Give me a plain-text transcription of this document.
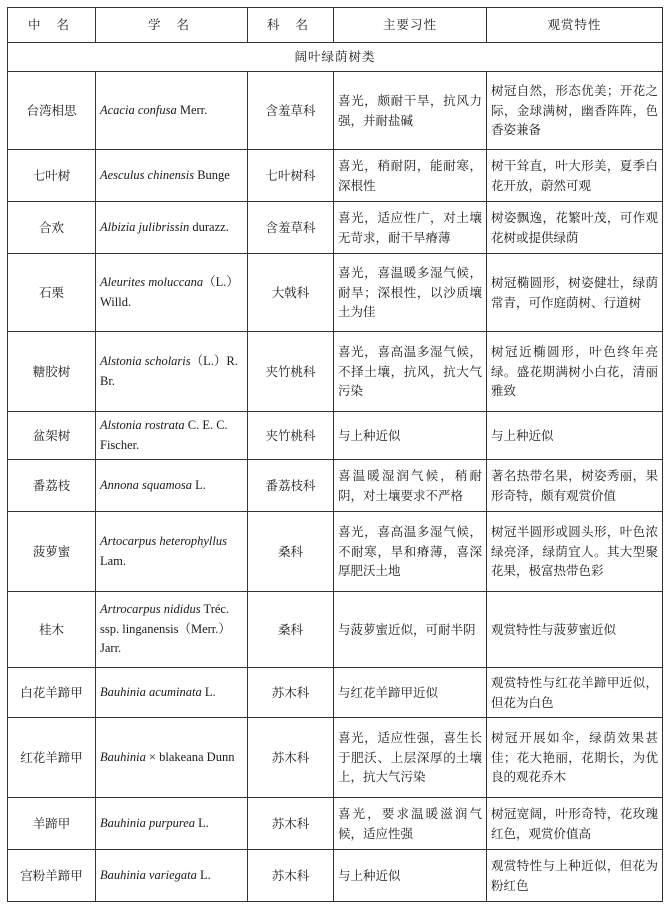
中 名	学 名	科 名	主要习性	观赏特性
阔叶绿荫树类				
台湾相思	Acacia confusa Merr.	含羞草科	喜光，颇耐干旱，抗风力强，并耐盐碱	树冠自然，形态优美；开花之际，金球满树，幽香阵阵，色香姿兼备
七叶树	Aesculus chinensis Bunge	七叶树科	喜光，稍耐阴，能耐寒，深根性	树干耸直，叶大形美，夏季白花开放，蔚然可观
合欢	Albizia julibrissin durazz.	含羞草科	喜光，适应性广，对土壤无苛求，耐干旱瘠薄	树姿飘逸，花繁叶茂，可作观花树或提供绿荫
石栗	Aleurites moluccana（L.）Willd.	大戟科	喜光，喜温暖多湿气候，耐旱；深根性，以沙质壤土为佳	树冠椭圆形，树姿健壮，绿荫常青，可作庭荫树、行道树
糖胶树	Alstonia scholaris（L.）R. Br.	夹竹桃科	喜光，喜高温多湿气候，不择土壤，抗风，抗大气污染	树冠近椭圆形，叶色终年亮绿。盛花期满树小白花，清丽雅致
盆架树	Alstonia rostrata C. E. C. Fischer.	夹竹桃科	与上种近似	与上种近似
番荔枝	Annona squamosa L.	番荔枝科	喜温暖湿润气候，稍耐阴，对土壤要求不严格	著名热带名果，树姿秀丽，果形奇特，颇有观赏价值
菠萝蜜	Artocarpus heterophyllus Lam.	桑科	喜光，喜高温多湿气候，不耐寒，旱和瘠薄，喜深厚肥沃土地	树冠半圆形或圆头形，叶色浓绿亮泽，绿荫宜人。其大型聚花果，极富热带色彩
桂木	Artrocarpus nididus Tréc. ssp. linganensis（Merr.）Jarr.	桑科	与菠萝蜜近似，可耐半阴	观赏特性与菠萝蜜近似
白花羊蹄甲	Bauhinia acuminata L.	苏木科	与红花羊蹄甲近似	观赏特性与红花羊蹄甲近似，但花为白色
红花羊蹄甲	Bauhinia × blakeana Dunn	苏木科	喜光，适应性强，喜生长于肥沃、上层深厚的土壤上，抗大气污染	树冠开展如伞，绿荫效果甚佳；花大艳丽，花期长，为优良的观花乔木
羊蹄甲	Bauhinia purpurea L.	苏木科	喜光，要求温暖滋润气候，适应性强	树冠宽阔，叶形奇特，花玫瑰红色，观赏价值高
宫粉羊蹄甲	Bauhinia variegata L.	苏木科	与上种近似	观赏特性与上种近似，但花为粉红色
